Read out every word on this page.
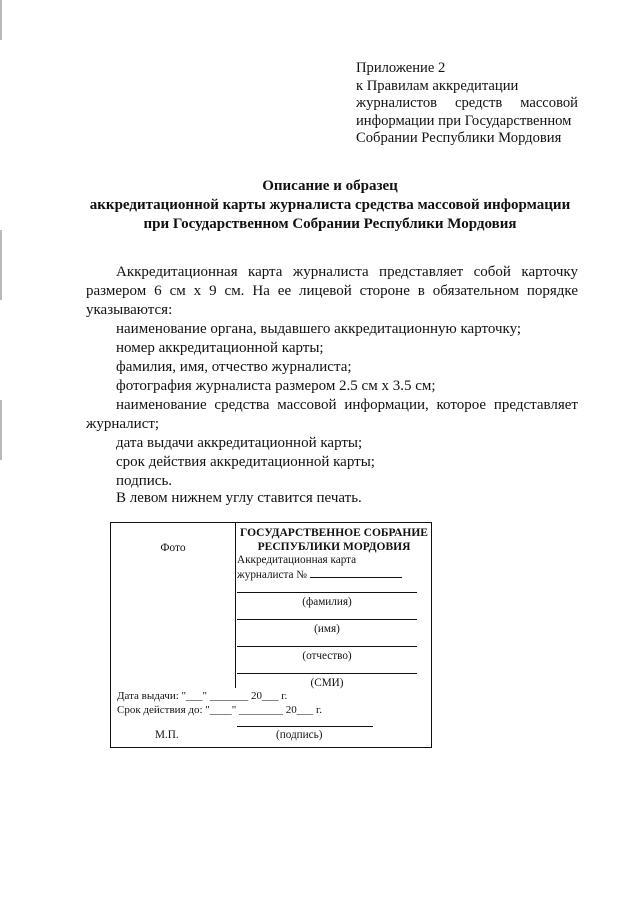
Приложение 2
к Правилам аккредитации
журналистов средств массовой
информации при Государственном
Собрании Республики Мордовия
Описание и образец
аккредитационной карты журналиста средства массовой информации
при Государственном Собрании Республики Мордовия

Аккредитационная карта журналиста представляет собой карточку размером 6 см х 9 см. На ее лицевой стороне в обязательном порядке указываются:

наименование органа, выдавшего аккредитационную карточку;
номер аккредитационной карты;
фамилия, имя, отчество журналиста;
фотография журналиста размером 2.5 см х 3.5 см;
наименование средства массовой информации, которое представляет журналист;
дата выдачи аккредитационной карты;
срок действия аккредитационной карты;
подпись.
В левом нижнем углу ставится печать.
Фото
ГОСУДАРСТВЕННОЕ СОБРАНИЕ
РЕСПУБЛИКИ МОРДОВИЯ
Аккредитационная карта
журналиста №
(фамилия)
(имя)
(отчество)
(СМИ)
Дата выдачи: "___" _______ 20___ г.
Срок действия до: "____" ________ 20___ г.
М.П.	(подпись)
